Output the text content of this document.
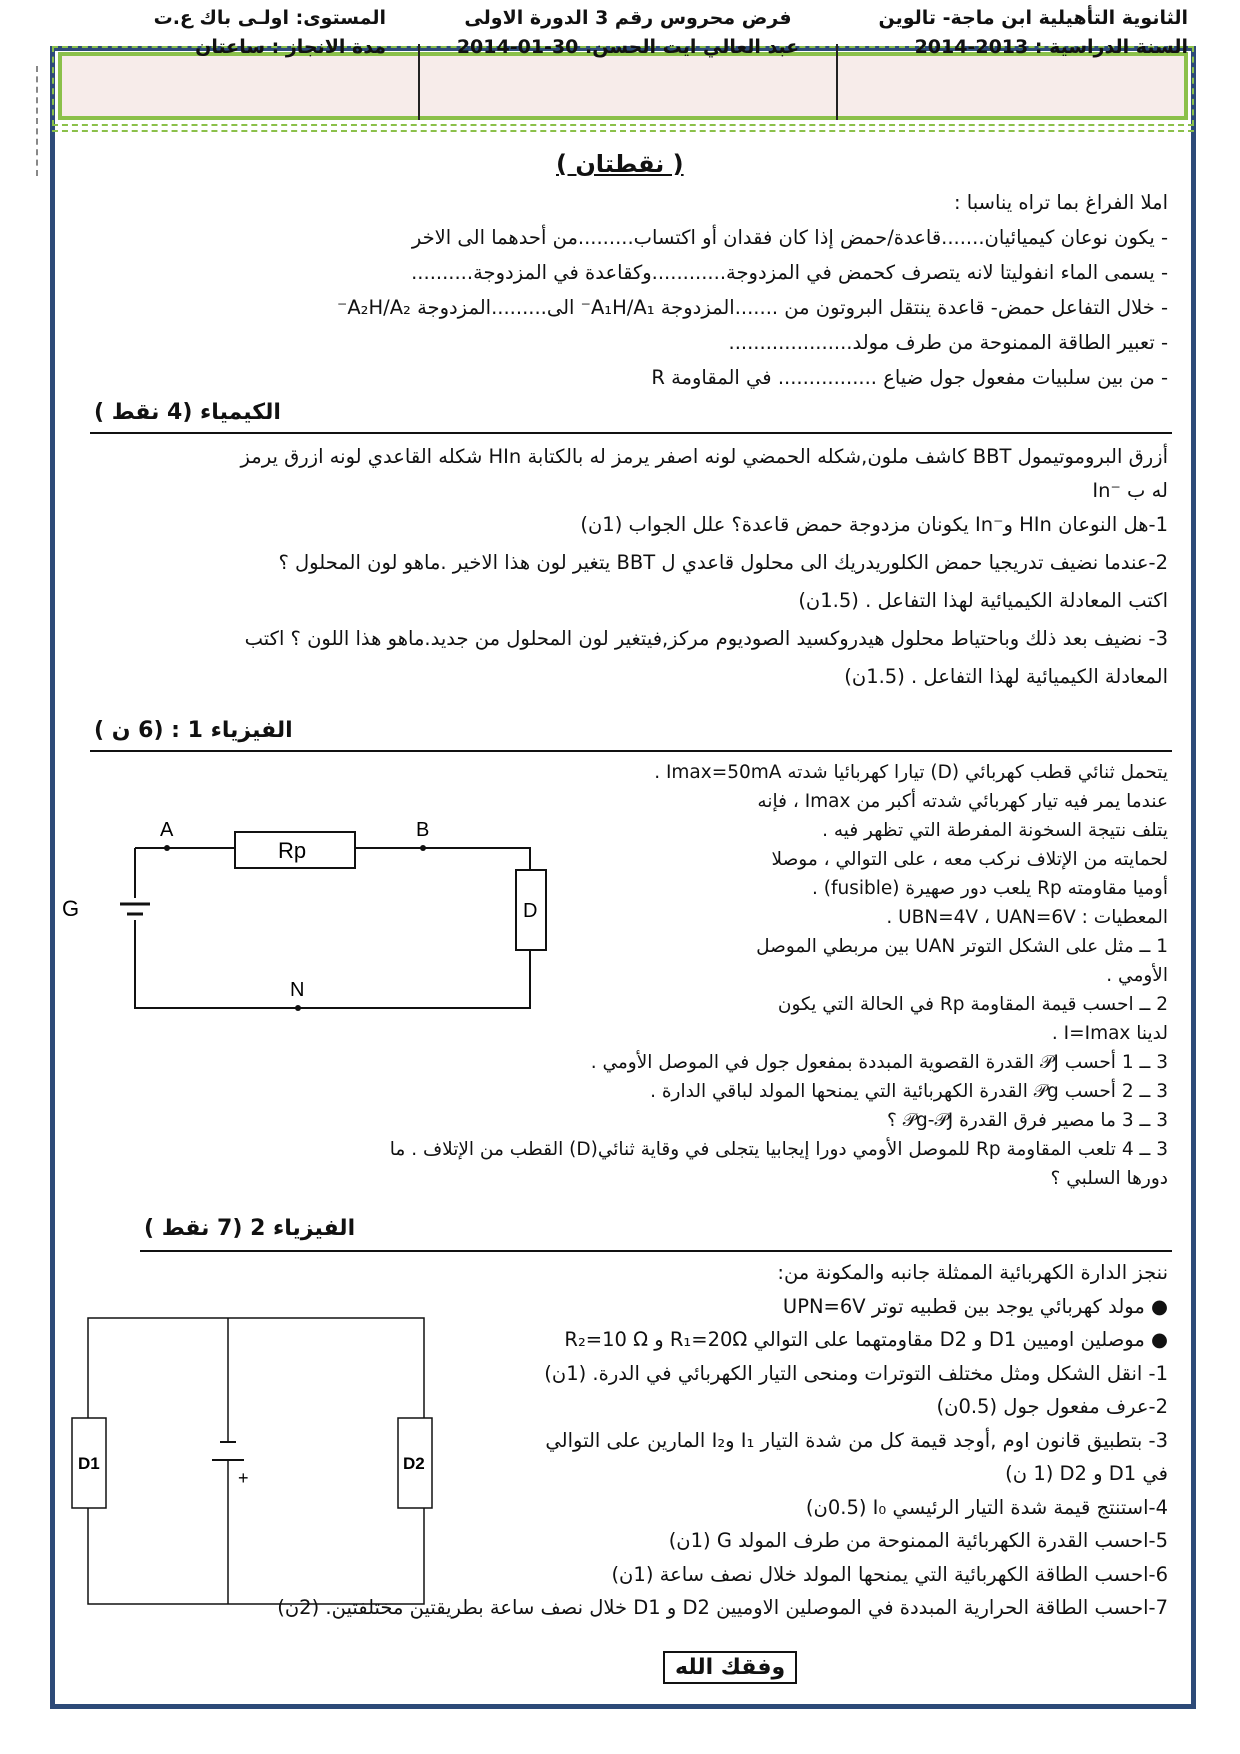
الثانوية التأهيلية ابن ماجة- تالوين
السنة الدراسية : 2013-2014
فرض محروس رقم 3 الدورة الاولى
عبد العالي ايت الحسن. 30-01-2014
المستوى: اولـى باك ع.ت
مدة الانجاز : ساعتان
( نقطتان )

املا الفراغ بما تراه يناسبا :

- يكون نوعان كيميائيان.......قاعدة/حمض إذا كان فقدان أو اكتساب.........من أحدهما الى الاخر

- يسمى الماء انفوليتا لانه يتصرف كحمض في المزدوجة............وكقاعدة في المزدوجة..........

- خلال التفاعل حمض- قاعدة ينتقل البروتون من .......المزدوجة A₁H/A₁⁻ الى.........المزدوجة A₂H/A₂⁻

- تعبير الطاقة الممنوحة من طرف مولد....................

- من بين سلبيات مفعول جول ضياع ................ في المقاومة R

الكيمياء (4 نقط )

أزرق البروموتيمول BBT كاشف ملون,شكله الحمضي لونه اصفر يرمز له بالكتابة HIn شكله القاعدي لونه ازرق يرمز

له ب ⁻In

1-هل النوعان HIn و⁻In يكونان مزدوجة حمض قاعدة؟ علل الجواب (1ن)

2-عندما نضيف تدريجيا حمض الكلوريدريك الى محلول قاعدي ل BBT يتغير لون هذا الاخير .ماهو لون المحلول ؟

اكتب المعادلة الكيميائية لهذا التفاعل . (1.5ن)

3- نضيف بعد ذلك وباحتياط محلول هيدروكسيد الصوديوم مركز,فيتغير لون المحلول من جديد.ماهو هذا اللون ؟ اكتب

المعادلة الكيميائية لهذا التفاعل . (1.5ن)

الفيزياء 1 : (6 ن )

يتحمل ثنائي قطب كهربائي (D) تيارا كهربائيا شدته Imax=50mA .

عندما يمر فيه تيار كهربائي شدته أكبر من Imax ، فإنه

يتلف نتيجة السخونة المفرطة التي تظهر فيه .

لحمايته من الإتلاف نركب معه ، على التوالي ، موصلا

أوميا مقاومته Rp يلعب دور صهيرة (fusible) .

المعطيات : UBN=4V ، UAN=6V .

1 ــ مثل على الشكل التوتر UAN بين مربطي الموصل

الأومي .

2 ــ احسب قيمة المقاومة Rp في الحالة التي يكون

لدينا I=Imax .

3 ــ 1 أحسب 𝒫J القدرة القصوية المبددة بمفعول جول في الموصل الأومي .

3 ــ 2 أحسب 𝒫g القدرة الكهربائية التي يمنحها المولد لباقي الدارة .

3 ــ 3 ما مصير فرق القدرة 𝒫g-𝒫J ؟

3 ــ 4 تلعب المقاومة Rp للموصل الأومي دورا إيجابيا يتجلى في وقاية ثنائي(D) القطب من الإتلاف . ما

دورها السلبي ؟

A	B
N
G
Rp
D
الفيزياء 2 (7 نقط )

ننجز الدارة الكهربائية الممثلة جانبه والمكونة من:

● مولد كهربائي يوجد بين قطبيه توتر UPN=6V

● موصلين اوميين D1 و D2 مقاومتهما على التوالي R₁=20Ω و R₂=10 Ω

1- انقل الشكل ومثل مختلف التوترات ومنحى التيار الكهربائي في الدرة. (1ن)

2-عرف مفعول جول (0.5ن)

3- بتطبيق قانون اوم ,أوجد قيمة كل من شدة التيار I₁ وI₂ المارين على التوالي

في D1 و D2 (1 ن)

4-استنتج قيمة شدة التيار الرئيسي I₀ (0.5ن)

5-احسب القدرة الكهربائية الممنوحة من طرف المولد G (1ن)

6-احسب الطاقة الكهربائية التي يمنحها المولد خلال نصف ساعة (1ن)

7-احسب الطاقة الحرارية المبددة في الموصلين الاوميين D2 و D1 خلال نصف ساعة بطريقتين مختلفتين. (2ن)

D1	D2
+
وفقك الله
